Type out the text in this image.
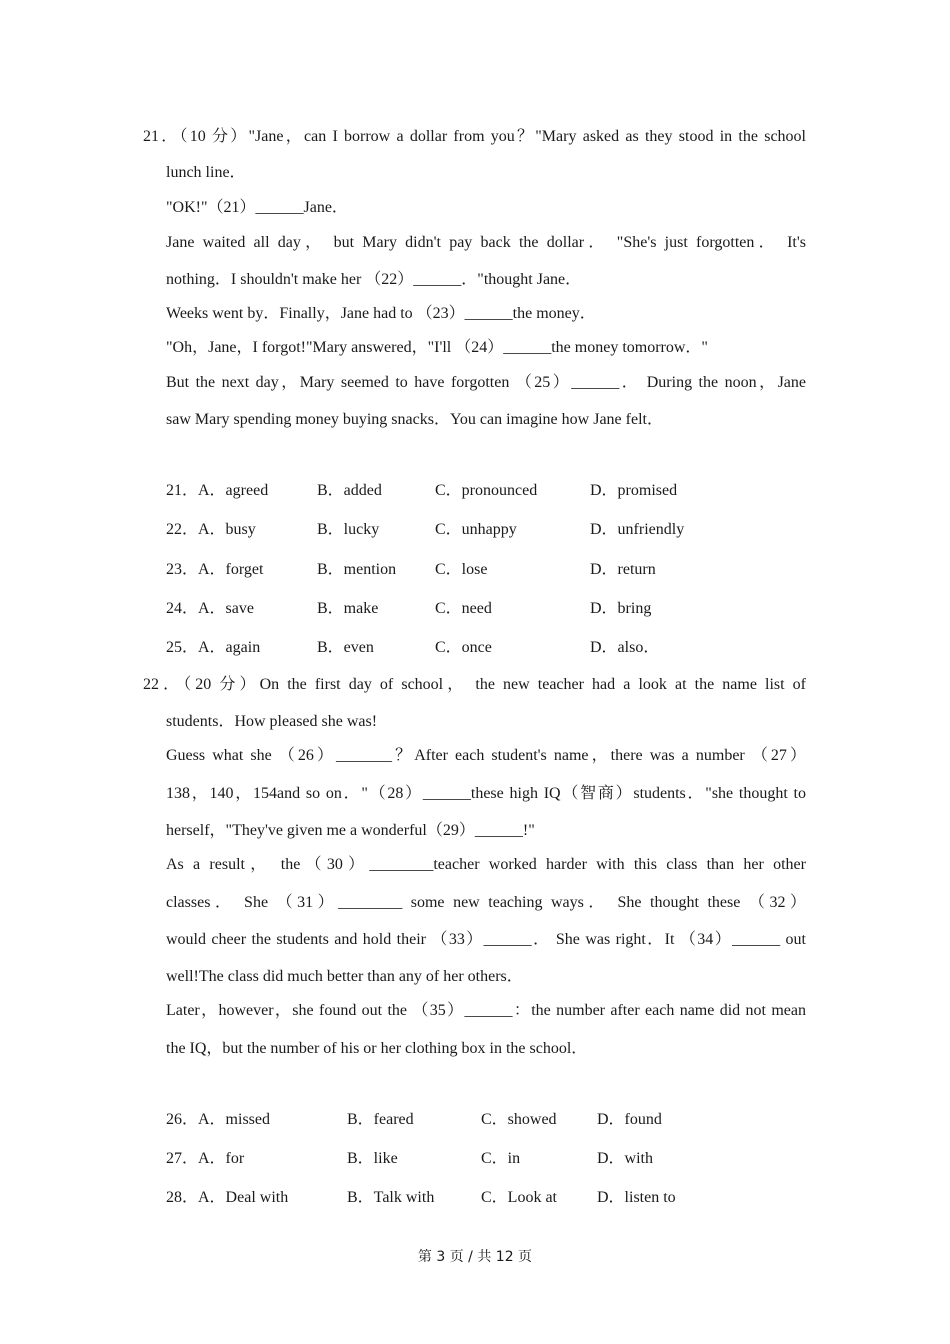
21．（10 分）"Jane，can I borrow a dollar from you？"Mary asked as they stood in the school
lunch line．
"OK!"（21）______Jane．
Jane waited all day， but Mary didn't pay back the dollar． "She's just forgotten． It's
nothing．I shouldn't make her （22）______．"thought Jane．
Weeks went by．Finally，Jane had to （23）______the money．
"Oh，Jane，I forgot!"Mary answered，"I'll （24）______the money tomorrow．"
But the next day，Mary seemed to have forgotten （25）______． During the noon，Jane
saw Mary spending money buying snacks．You can imagine how Jane felt．
21．A．agreed	B．added	C．pronounced	D．promised
22．A．busy	B．lucky	C．unhappy	D．unfriendly
23．A．forget	B．mention C．lose	D．return
24．A．save	B．make	C．need	D．bring
25．A．again	B．even	C．once	D．also．
22．（20 分）On the first day of school， the new teacher had a look at the name list of
students．How pleased she was!
Guess what she （26）_______？After each student's name，there was a number （27）
138，140，154and so on．"（28）______these high IQ（智商）students．"she thought to
herself，"They've given me a wonderful（29）______!"
As a result， the（30）________teacher worked harder with this class than her other
classes． She （31）________ some new teaching ways． She thought these （32）
would cheer the students and hold their （33）______． She was right．It （34）______ out
well!The class did much better than any of her others．
Later，however，she found out the （35）______：the number after each name did not mean
the IQ，but the number of his or her clothing box in the school．
26．A．missed	B．feared	C．showed	D．found
27．A．for	B．like	C．in	D．with
28．A．Deal with	B．Talk with	C．Look at	D．listen to
第 3 页 / 共 12 页
